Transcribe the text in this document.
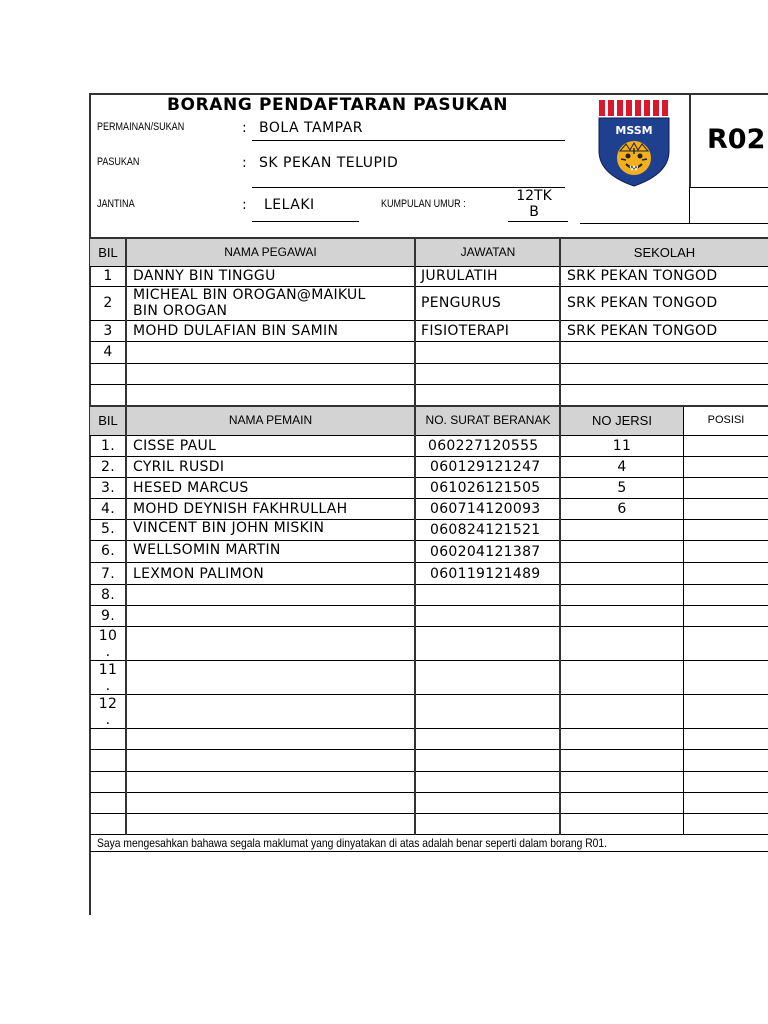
BORANG PENDAFTARAN PASUKAN
PERMAINAN/SUKAN	: BOLA TAMPAR
PASUKAN	: SK PEKAN TELUPID
JANTINA	: LELAKI	KUMPULAN UMUR :	12TK
B
MSSM R02
BIL	NAMA PEGAWAI	JAWATAN	SEKOLAH
1	DANNY BIN TINGGU	JURULATIH	SRK PEKAN TONGOD
2	MICHEAL BIN OROGAN@MAIKUL
BIN OROGAN	PENGURUS	SRK PEKAN TONGOD
3	MOHD DULAFIAN BIN SAMIN	FISIOTERAPI	SRK PEKAN TONGOD
4
BIL	NAMA PEMAIN	NO. SURAT BERANAK	NO JERSI	POSISI
1.	CISSE PAUL	060227120555	11
2.	CYRIL RUSDI	060129121247	4
3.	HESED MARCUS	061026121505	5
4.	MOHD DEYNISH FAKHRULLAH	060714120093	6
5.	VINCENT BIN JOHN MISKIN	060824121521
6.	WELLSOMIN MARTIN	060204121387
7.	LEXMON PALIMON	060119121489
8.
9.
10
.
11
.
12
.
Saya mengesahkan bahawa segala maklumat yang dinyatakan di atas adalah benar seperti dalam borang R01.
